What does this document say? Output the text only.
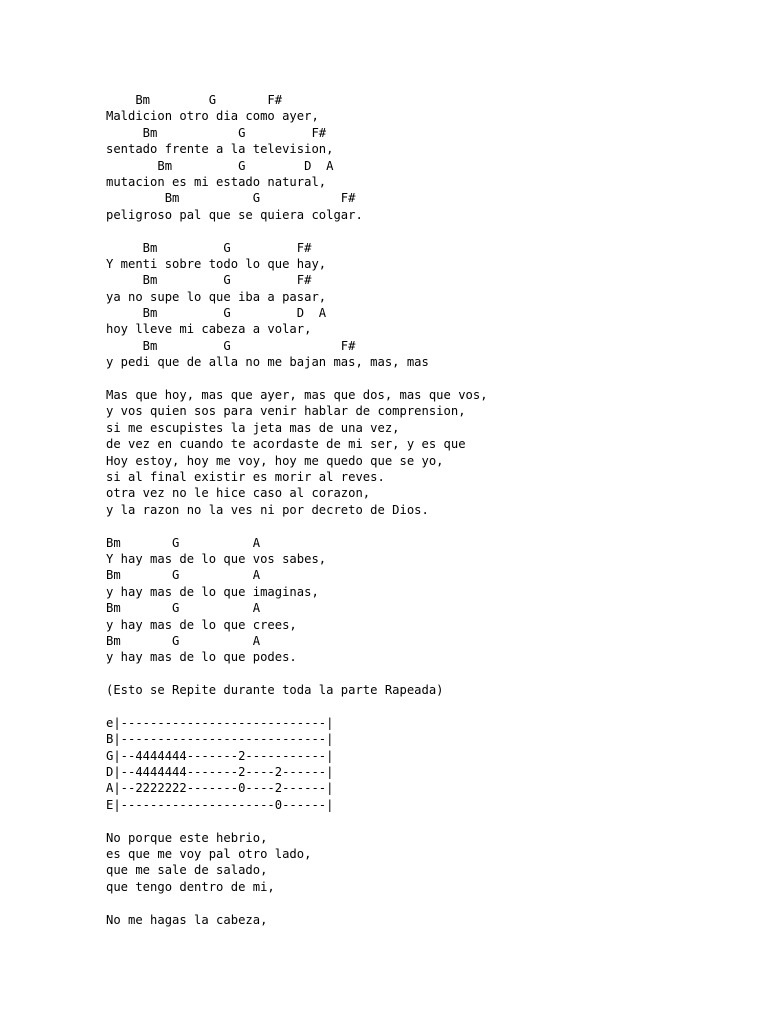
Bm        G       F#
Maldicion otro dia como ayer,
Bm           G         F#
sentado frente a la television,
Bm         G        D  A
mutacion es mi estado natural,
Bm          G           F#
peligroso pal que se quiera colgar.
Bm         G         F#
Y menti sobre todo lo que hay,
Bm         G         F#
ya no supe lo que iba a pasar,
Bm         G         D  A
hoy lleve mi cabeza a volar,
Bm         G               F#
y pedi que de alla no me bajan mas, mas, mas
Mas que hoy, mas que ayer, mas que dos, mas que vos,
y vos quien sos para venir hablar de comprension,
si me escupistes la jeta mas de una vez,
de vez en cuando te acordaste de mi ser, y es que
Hoy estoy, hoy me voy, hoy me quedo que se yo,
si al final existir es morir al reves.
otra vez no le hice caso al corazon,
y la razon no la ves ni por decreto de Dios.
Bm       G          A
Y hay mas de lo que vos sabes,
Bm       G          A
y hay mas de lo que imaginas,
Bm       G          A
y hay mas de lo que crees,
Bm       G          A
y hay mas de lo que podes.
(Esto se Repite durante toda la parte Rapeada)
e|----------------------------|
B|----------------------------|
G|--4444444-------2-----------|
D|--4444444-------2----2------|
A|--2222222-------0----2------|
E|---------------------0------|
No porque este hebrio,
es que me voy pal otro lado,
que me sale de salado,
que tengo dentro de mi,
No me hagas la cabeza,
